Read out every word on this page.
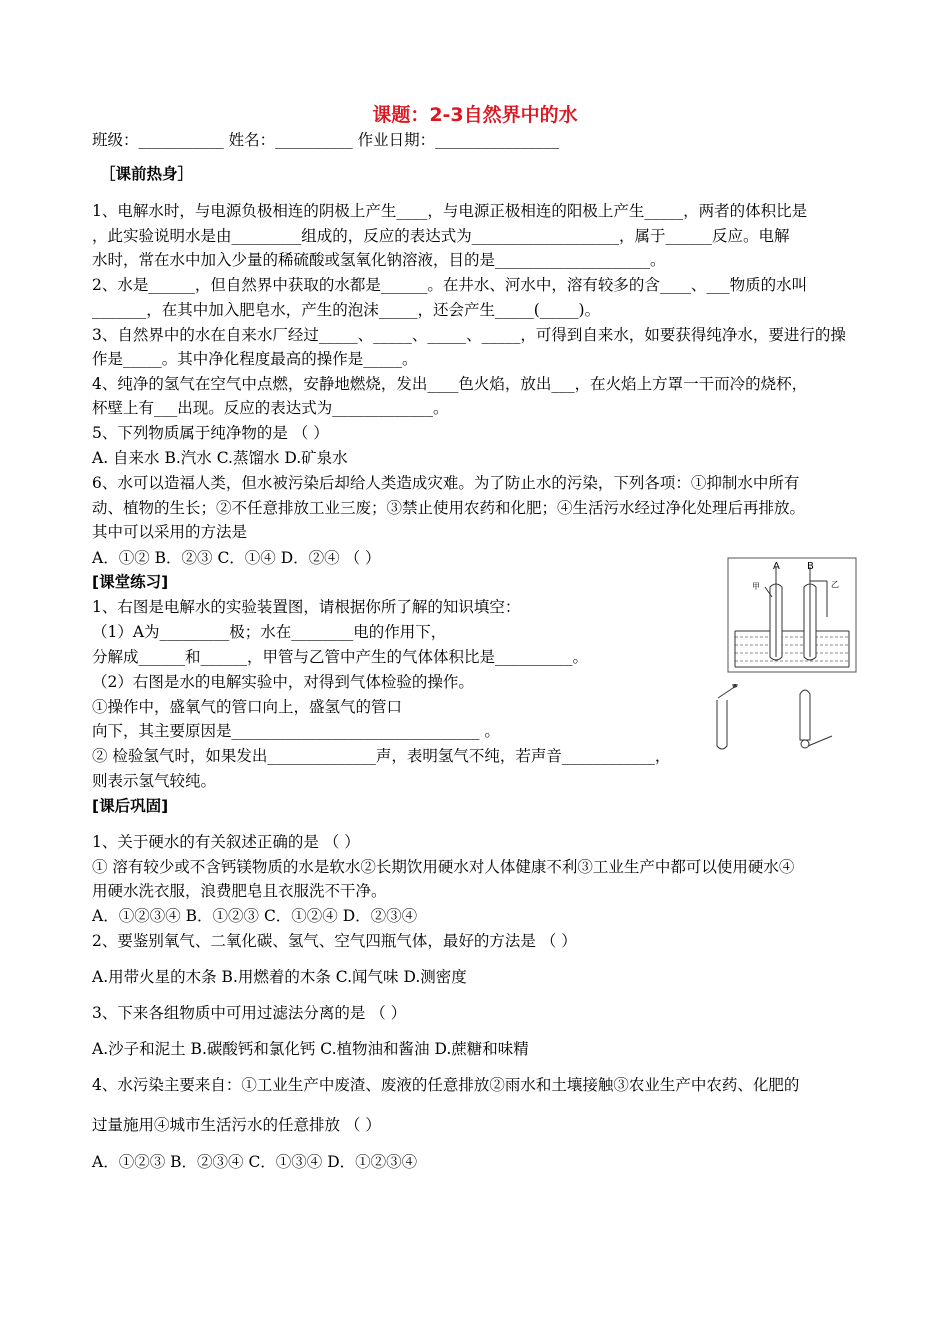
课题：2-3自然界中的水
班级：___________ 姓名：__________ 作业日期：________________
［课前热身］
1、电解水时，与电源负极相连的阴极上产生____，与电源正极相连的阳极上产生_____，两者的体积比是
，此实验说明水是由_________组成的，反应的表达式为___________________，属于______反应。电解
水时，常在水中加入少量的稀硫酸或氢氧化钠溶液，目的是____________________。
2、水是______，但自然界中获取的水都是______。在井水、河水中，溶有较多的含____、___物质的水叫
_______，在其中加入肥皂水，产生的泡沫_____，还会产生_____(_____)。
3、自然界中的水在自来水厂经过_____、_____、_____、_____，可得到自来水，如要获得纯净水，要进行的操
作是_____。其中净化程度最高的操作是_____。
4、纯净的氢气在空气中点燃，安静地燃烧，发出____色火焰，放出___，在火焰上方罩一干而冷的烧杯，
杯壁上有___出现。反应的表达式为_____________。
5、下列物质属于纯净物的是 （ ）
A. 自来水 B.汽水 C.蒸馏水 D.矿泉水
6、水可以造福人类，但水被污染后却给人类造成灾难。为了防止水的污染，下列各项：①抑制水中所有
动、植物的生长；②不任意排放工业三废；③禁止使用农药和化肥；④生活污水经过净化处理后再排放。
其中可以采用的方法是
A．①② B．②③ C．①④ D．②④ （ ）
[课堂练习]
1、右图是电解水的实验装置图，请根据你所了解的知识填空：
（1）A为_________极；水在________电的作用下，
分解成______和______，甲管与乙管中产生的气体体积比是__________。
（2）右图是水的电解实验中，对得到气体检验的操作。
①操作中，盛氧气的管口向上，盛氢气的管口
向下，其主要原因是________________________________ 。
② 检验氢气时，如果发出______________声，表明氢气不纯，若声音____________，
则表示氢气较纯。
[课后巩固]
1、关于硬水的有关叙述正确的是 （ ）
① 溶有较少或不含钙镁物质的水是软水②长期饮用硬水对人体健康不利③工业生产中都可以使用硬水④
用硬水洗衣服，浪费肥皂且衣服洗不干净。
A．①②③④ B．①②③ C．①②④ D．②③④
2、要鉴别氧气、二氧化碳、氢气、空气四瓶气体，最好的方法是 （ ）
A.用带火星的木条 B.用燃着的木条 C.闻气味 D.测密度
3、下来各组物质中可用过滤法分离的是 （ ）
A.沙子和泥土 B.碳酸钙和氯化钙 C.植物油和酱油 D.蔗糖和味精
4、水污染主要来自：①工业生产中废渣、废液的任意排放②雨水和土壤接触③农业生产中农药、化肥的
过量施用④城市生活污水的任意排放 （ ）
A．①②③ B．②③④ C．①③④ D．①②③④
A	B
甲	乙
